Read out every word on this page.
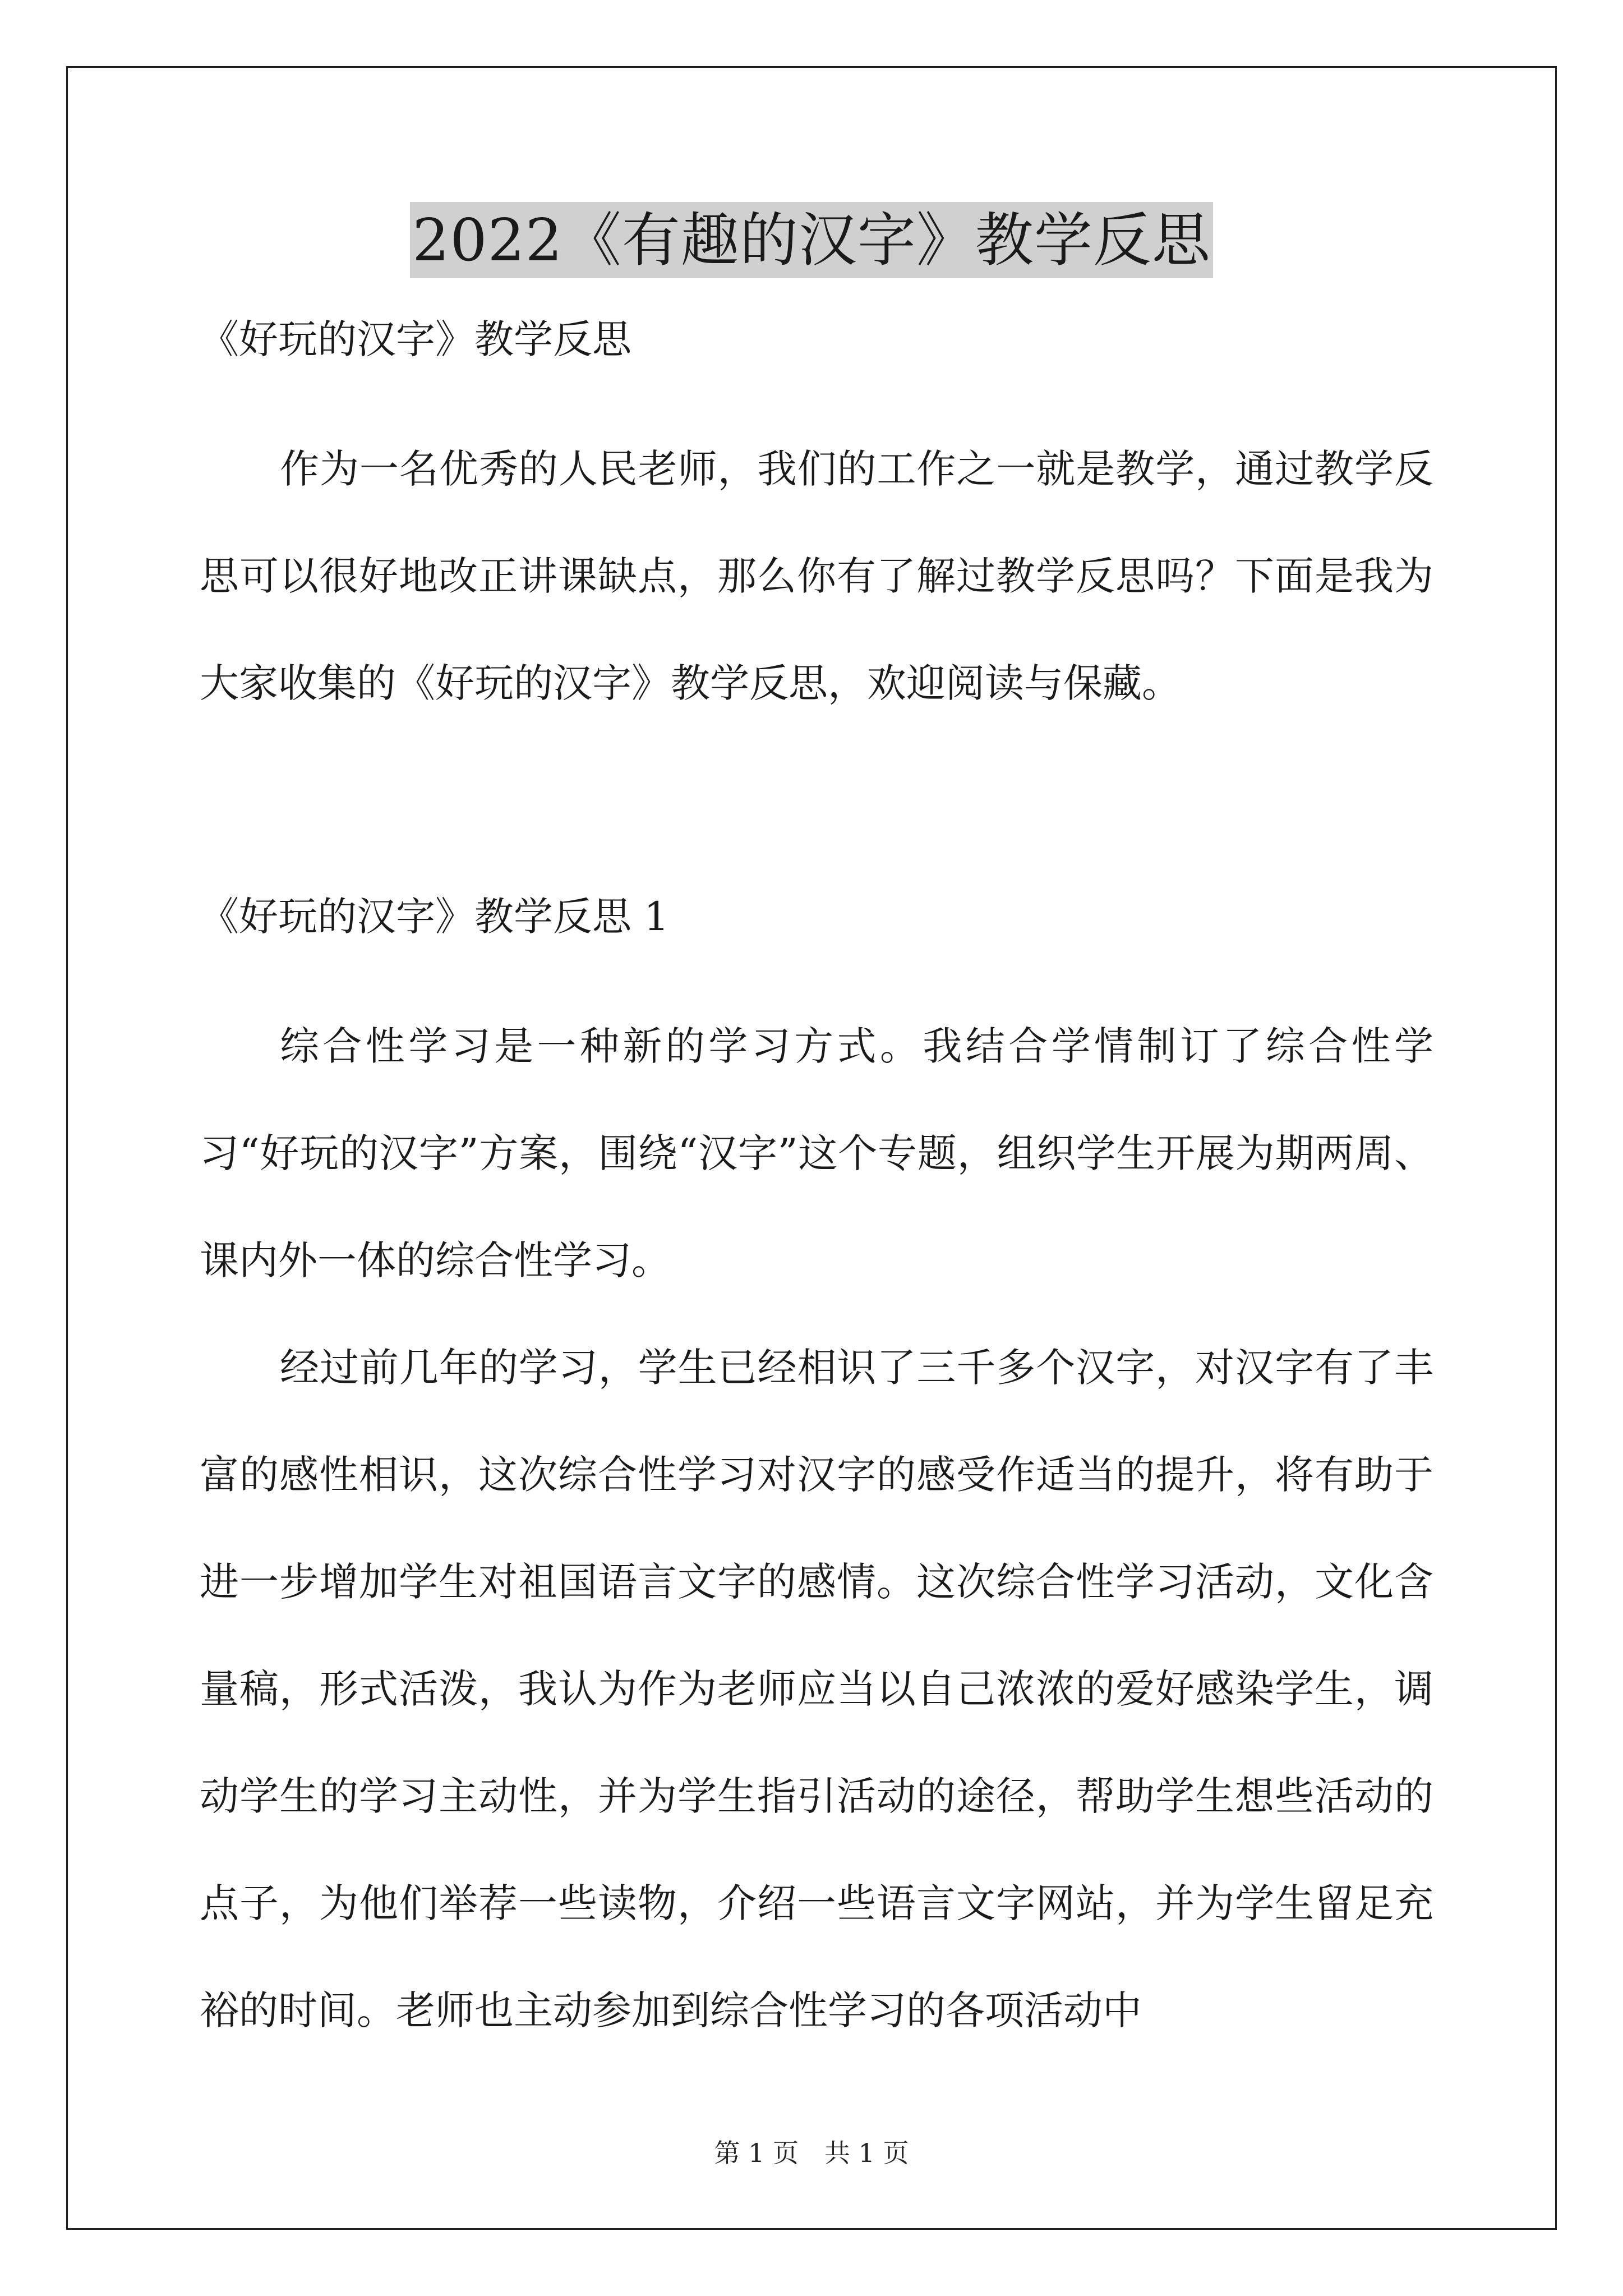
2022《有趣的汉字》教学反思

《好玩的汉字》教学反思

作为一名优秀的人民老师，我们的工作之一就是教学，通过教学反思可以很好地改正讲课缺点，那么你有了解过教学反思吗？下面是我为大家收集的《好玩的汉字》教学反思，欢迎阅读与保藏。

《好玩的汉字》教学反思 1

综合性学习是一种新的学习方式。我结合学情制订了综合性学习“好玩的汉字”方案，围绕“汉字”这个专题，组织学生开展为期两周、课内外一体的综合性学习。

经过前几年的学习，学生已经相识了三千多个汉字，对汉字有了丰富的感性相识，这次综合性学习对汉字的感受作适当的提升，将有助于进一步增加学生对祖国语言文字的感情。这次综合性学习活动，文化含量稿，形式活泼，我认为作为老师应当以自己浓浓的爱好感染学生，调动学生的学习主动性，并为学生指引活动的途径，帮助学生想些活动的点子，为他们举荐一些读物，介绍一些语言文字网站，并为学生留足充裕的时间。老师也主动参加到综合性学习的各项活动中

第 1 页　共 1 页
